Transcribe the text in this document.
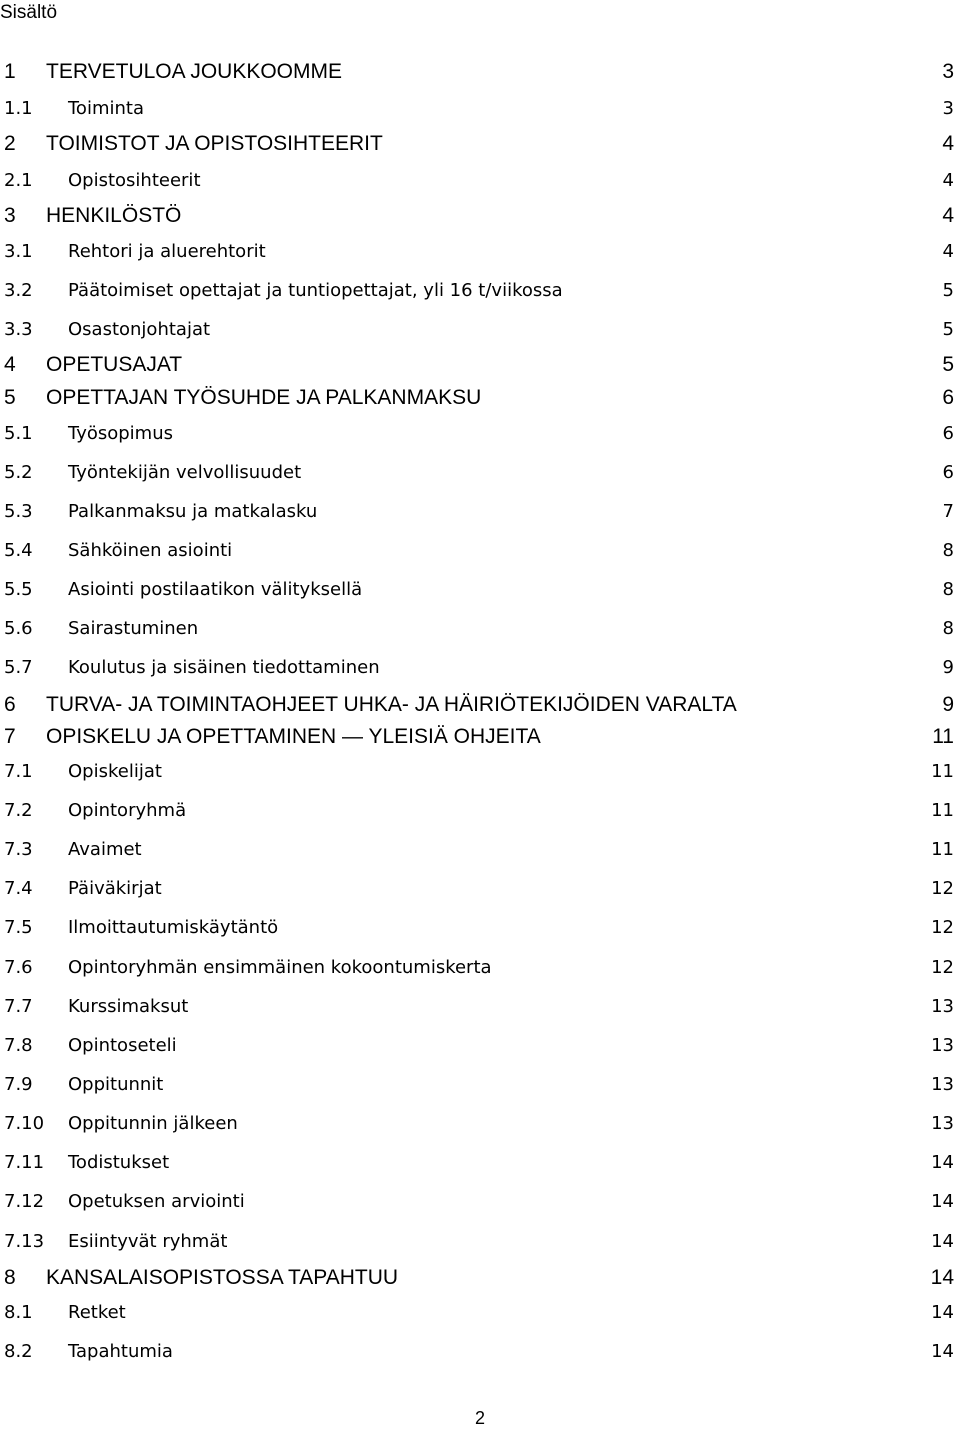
Sisältö
1 TERVETULOA JOUKKOOMME	3
1.1 Toiminta	3
2 TOIMISTOT JA OPISTOSIHTEERIT	4
2.1 Opistosihteerit	4
3 HENKILÖSTÖ	4
3.1 Rehtori ja aluerehtorit	4
3.2 Päätoimiset opettajat ja tuntiopettajat, yli 16 t/viikossa	5
3.3 Osastonjohtajat	5
4 OPETUSAJAT	5
5 OPETTAJAN TYÖSUHDE JA PALKANMAKSU	6
5.1 Työsopimus	6
5.2 Työntekijän velvollisuudet	6
5.3 Palkanmaksu ja matkalasku	7
5.4 Sähköinen asiointi	8
5.5 Asiointi postilaatikon välityksellä	8
5.6 Sairastuminen	8
5.7 Koulutus ja sisäinen tiedottaminen	9
6 TURVA- JA TOIMINTAOHJEET UHKA- JA HÄIRIÖTEKIJÖIDEN VARALTA	9
7 OPISKELU JA OPETTAMINEN — YLEISIÄ OHJEITA	11
7.1 Opiskelijat	11
7.2 Opintoryhmä	11
7.3 Avaimet	11
7.4 Päiväkirjat	12
7.5 Ilmoittautumiskäytäntö	12
7.6 Opintoryhmän ensimmäinen kokoontumiskerta	12
7.7 Kurssimaksut	13
7.8 Opintoseteli	13
7.9 Oppitunnit	13
7.10 Oppitunnin jälkeen	13
7.11 Todistukset	14
7.12 Opetuksen arviointi	14
7.13 Esiintyvät ryhmät	14
8 KANSALAISOPISTOSSA TAPAHTUU	14
8.1 Retket	14
8.2 Tapahtumia	14
2
